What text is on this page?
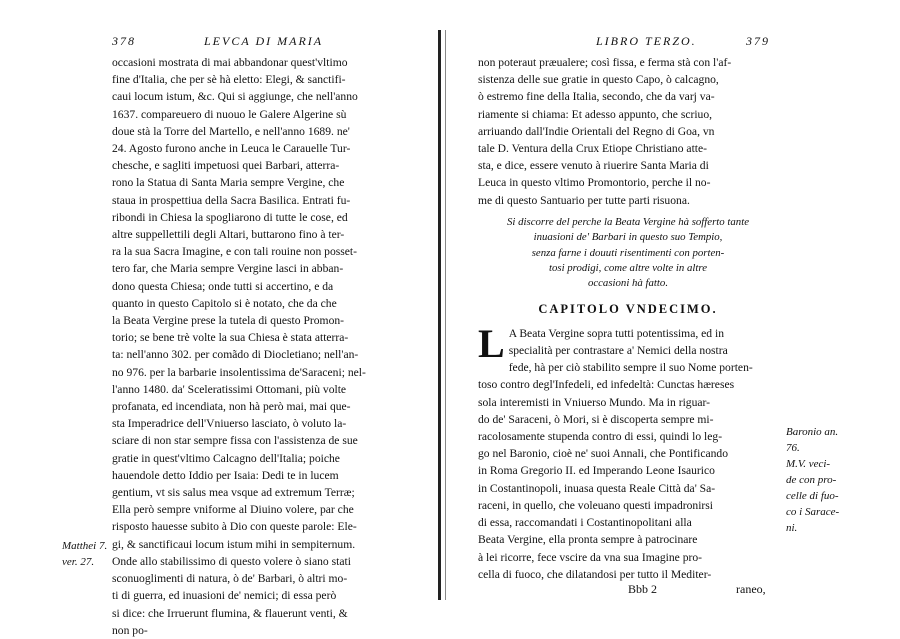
378	LEVCA DI MARIA
occasioni mostrata di mai abbandonar quest'vltimo
fine d'Italia, che per sè hà eletto: Elegi, & sanctifi-
caui locum istum, &c. Qui si aggiunge, che nell'anno
1637. compareuero di nuouo le Galere Algerine sù
doue stà la Torre del Martello, e nell'anno 1689. ne'
24. Agosto furono anche in Leuca le Carauelle Tur-
chesche, e sagliti impetuosi quei Barbari, atterra-
rono la Statua di Santa Maria sempre Vergine, che
staua in prospettiua della Sacra Basilica. Entrati fu-
ribondi in Chiesa la spogliarono di tutte le cose, ed
altre suppellettili degli Altari, buttarono fino à ter-
ra la sua Sacra Imagine, e con tali rouine non posset-
tero far, che Maria sempre Vergine lasci in abban-
dono questa Chiesa; onde tutti si accertino, e da
quanto in questo Capitolo si è notato, che da che
la Beata Vergine prese la tutela di questo Promon-
torio; se bene trè volte la sua Chiesa è stata atterra-
ta: nell'anno 302. per comãdo di Diocletiano; nell'an-
no 976. per la barbarie insolentissima de'Saraceni; nel-
l'anno 1480. da' Sceleratissimi Ottomani, più volte
profanata, ed incendiata, non hà però mai, mai que-
sta Imperadrice dell'Vniuerso lasciato, ò voluto la-
sciare di non star sempre fissa con l'assistenza de sue
gratie in quest'vltimo Calcagno dell'Italia; poiche
hauendole detto Iddio per Isaia: Dedi te in lucem
gentium, vt sis salus mea vsque ad extremum Terræ;
Ella però sempre vniforme al Diuino volere, par che
risposto hauesse subito à Dio con queste parole: Ele-
gi, & sanctificaui locum istum mihi in sempiternum.
Onde allo stabilissimo di questo volere ò siano stati
sconuoglimenti di natura, ò de' Barbari, ò altri mo-
ti di guerra, ed inuasioni de' nemici; di essa però
si dice: che Irruerunt flumina, & flauerunt venti, &
non po-
Matthei 7.
ver. 27.
LIBRO TERZO.	379
non poteraut præualere; così fissa, e ferma stà con l'af-
sistenza delle sue gratie in questo Capo, ò calcagno,
ò estremo fine della Italia, secondo, che da varj va-
riamente si chiama: Et adesso appunto, che scriuo,
arriuando dall'Indie Orientali del Regno di Goa, vn
tale D. Ventura della Crux Etiope Christiano atte-
sta, e dice, essere venuto à riuerire Santa Maria di
Leuca in questo vltimo Promontorio, perche il no-
me di questo Santuario per tutte parti risuona.
Si discorre del perche la Beata Vergine hà sofferto tante
inuasioni de' Barbari in questo suo Tempio,
senza farne i douuti risentimenti con porten-
tosi prodigi, come altre volte in altre
occasioni hà fatto.
CAPITOLO VNDECIMO.
L A Beata Vergine sopra tutti potentissima, ed in
specialità per contrastare a' Nemici della nostra
fede, hà per ciò stabilito sempre il suo Nome porten-
toso contro degl'Infedeli, ed infedeltà: Cunctas hæreses
sola interemisti in Vniuerso Mundo. Ma in riguar-
do de' Saraceni, ò Mori, si è discoperta sempre mi-
racolosamente stupenda contro di essi, quindi lo leg-
go nel Baronio, cioè ne' suoi Annali, che Pontificando
in Roma Gregorio II. ed Imperando Leone Isaurico
in Costantinopoli, inuasa questa Reale Città da' Sa-
raceni, in quello, che voleuano questi impadronirsi
di essa, raccomandati i Costantinopolitani alla
Beata Vergine, ella pronta sempre à patrocinare
à lei ricorre, fece vscire da vna sua Imagine pro-
cella di fuoco, che dilatandosi per tutto il Mediter-
Bbb 2	raneo,
Baronio an.
76.
M.V. veci-
de con pro-
celle di fuo-
co i Sarace-
ni.
